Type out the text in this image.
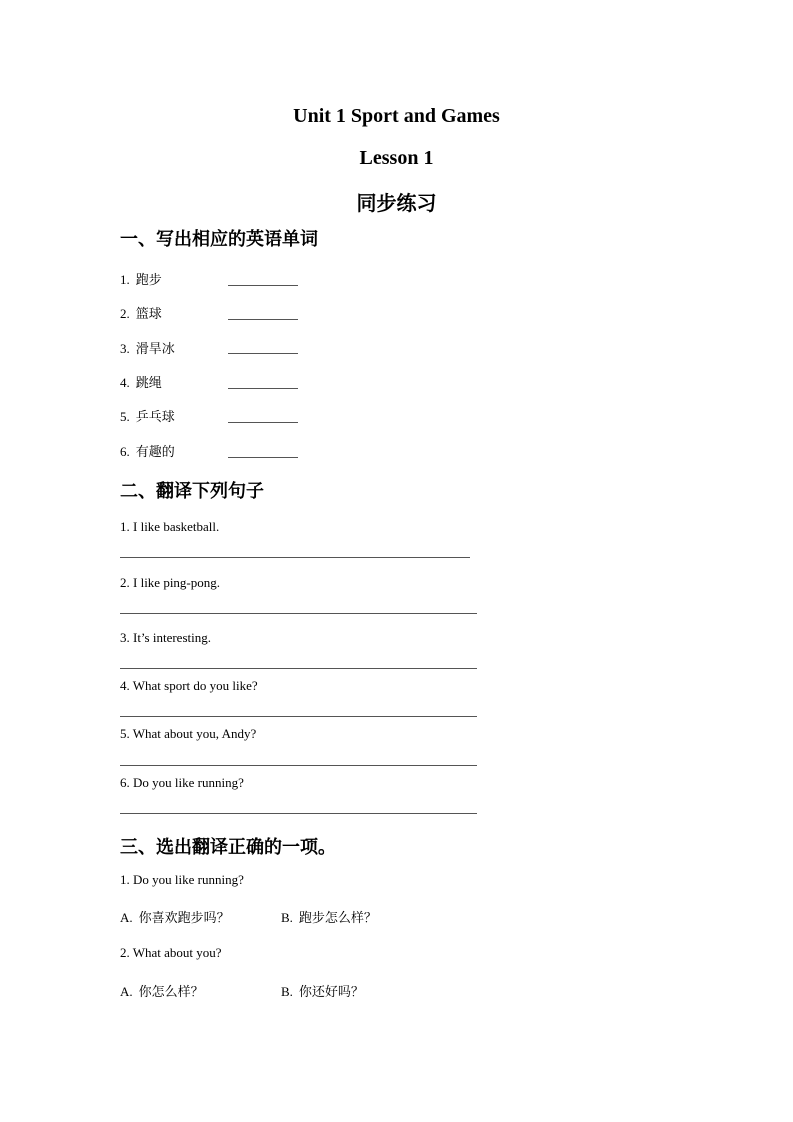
Unit 1 Sport and Games
Lesson 1
同步练习
一、写出相应的英语单词
1. 跑步
2. 篮球
3. 滑旱冰
4. 跳绳
5. 乒乓球
6. 有趣的
二、翻译下列句子
1. I like basketball.
2. I like ping-pong.
3. It’s interesting.
4. What sport do you like?
5. What about you, Andy?
6. Do you like running?
三、选出翻译正确的一项。
1. Do you like running?
A. 你喜欢跑步吗？	B. 跑步怎么样？
2. What about you?
A. 你怎么样？	B. 你还好吗？
